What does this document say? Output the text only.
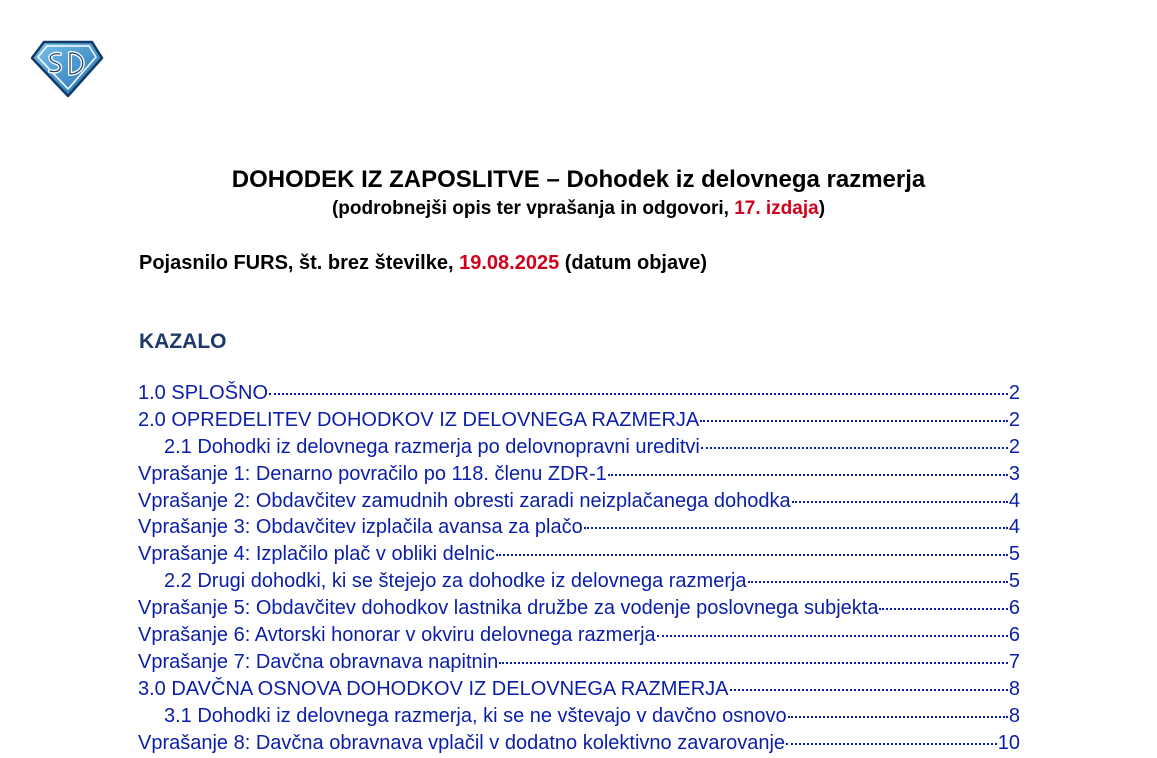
DOHODEK IZ ZAPOSLITVE – Dohodek iz delovnega razmerja
(podrobnejši opis ter vprašanja in odgovori, 17. izdaja)
Pojasnilo FURS, št. brez številke, 19.08.2025 (datum objave)
KAZALO
1.0 SPLOŠNO	2
2.0 OPREDELITEV DOHODKOV IZ DELOVNEGA RAZMERJA	2
2.1 Dohodki iz delovnega razmerja po delovnopravni ureditvi	2
Vprašanje 1: Denarno povračilo po 118. členu ZDR-1	3
Vprašanje 2: Obdavčitev zamudnih obresti zaradi neizplačanega dohodka	4
Vprašanje 3: Obdavčitev izplačila avansa za plačo	4
Vprašanje 4: Izplačilo plač v obliki delnic	5
2.2 Drugi dohodki, ki se štejejo za dohodke iz delovnega razmerja	5
Vprašanje 5: Obdavčitev dohodkov lastnika družbe za vodenje poslovnega subjekta	6
Vprašanje 6: Avtorski honorar v okviru delovnega razmerja	6
Vprašanje 7: Davčna obravnava napitnin	7
3.0 DAVČNA OSNOVA DOHODKOV IZ DELOVNEGA RAZMERJA	8
3.1 Dohodki iz delovnega razmerja, ki se ne vštevajo v davčno osnovo	8
Vprašanje 8: Davčna obravnava vplačil v dodatno kolektivno zavarovanje	10
